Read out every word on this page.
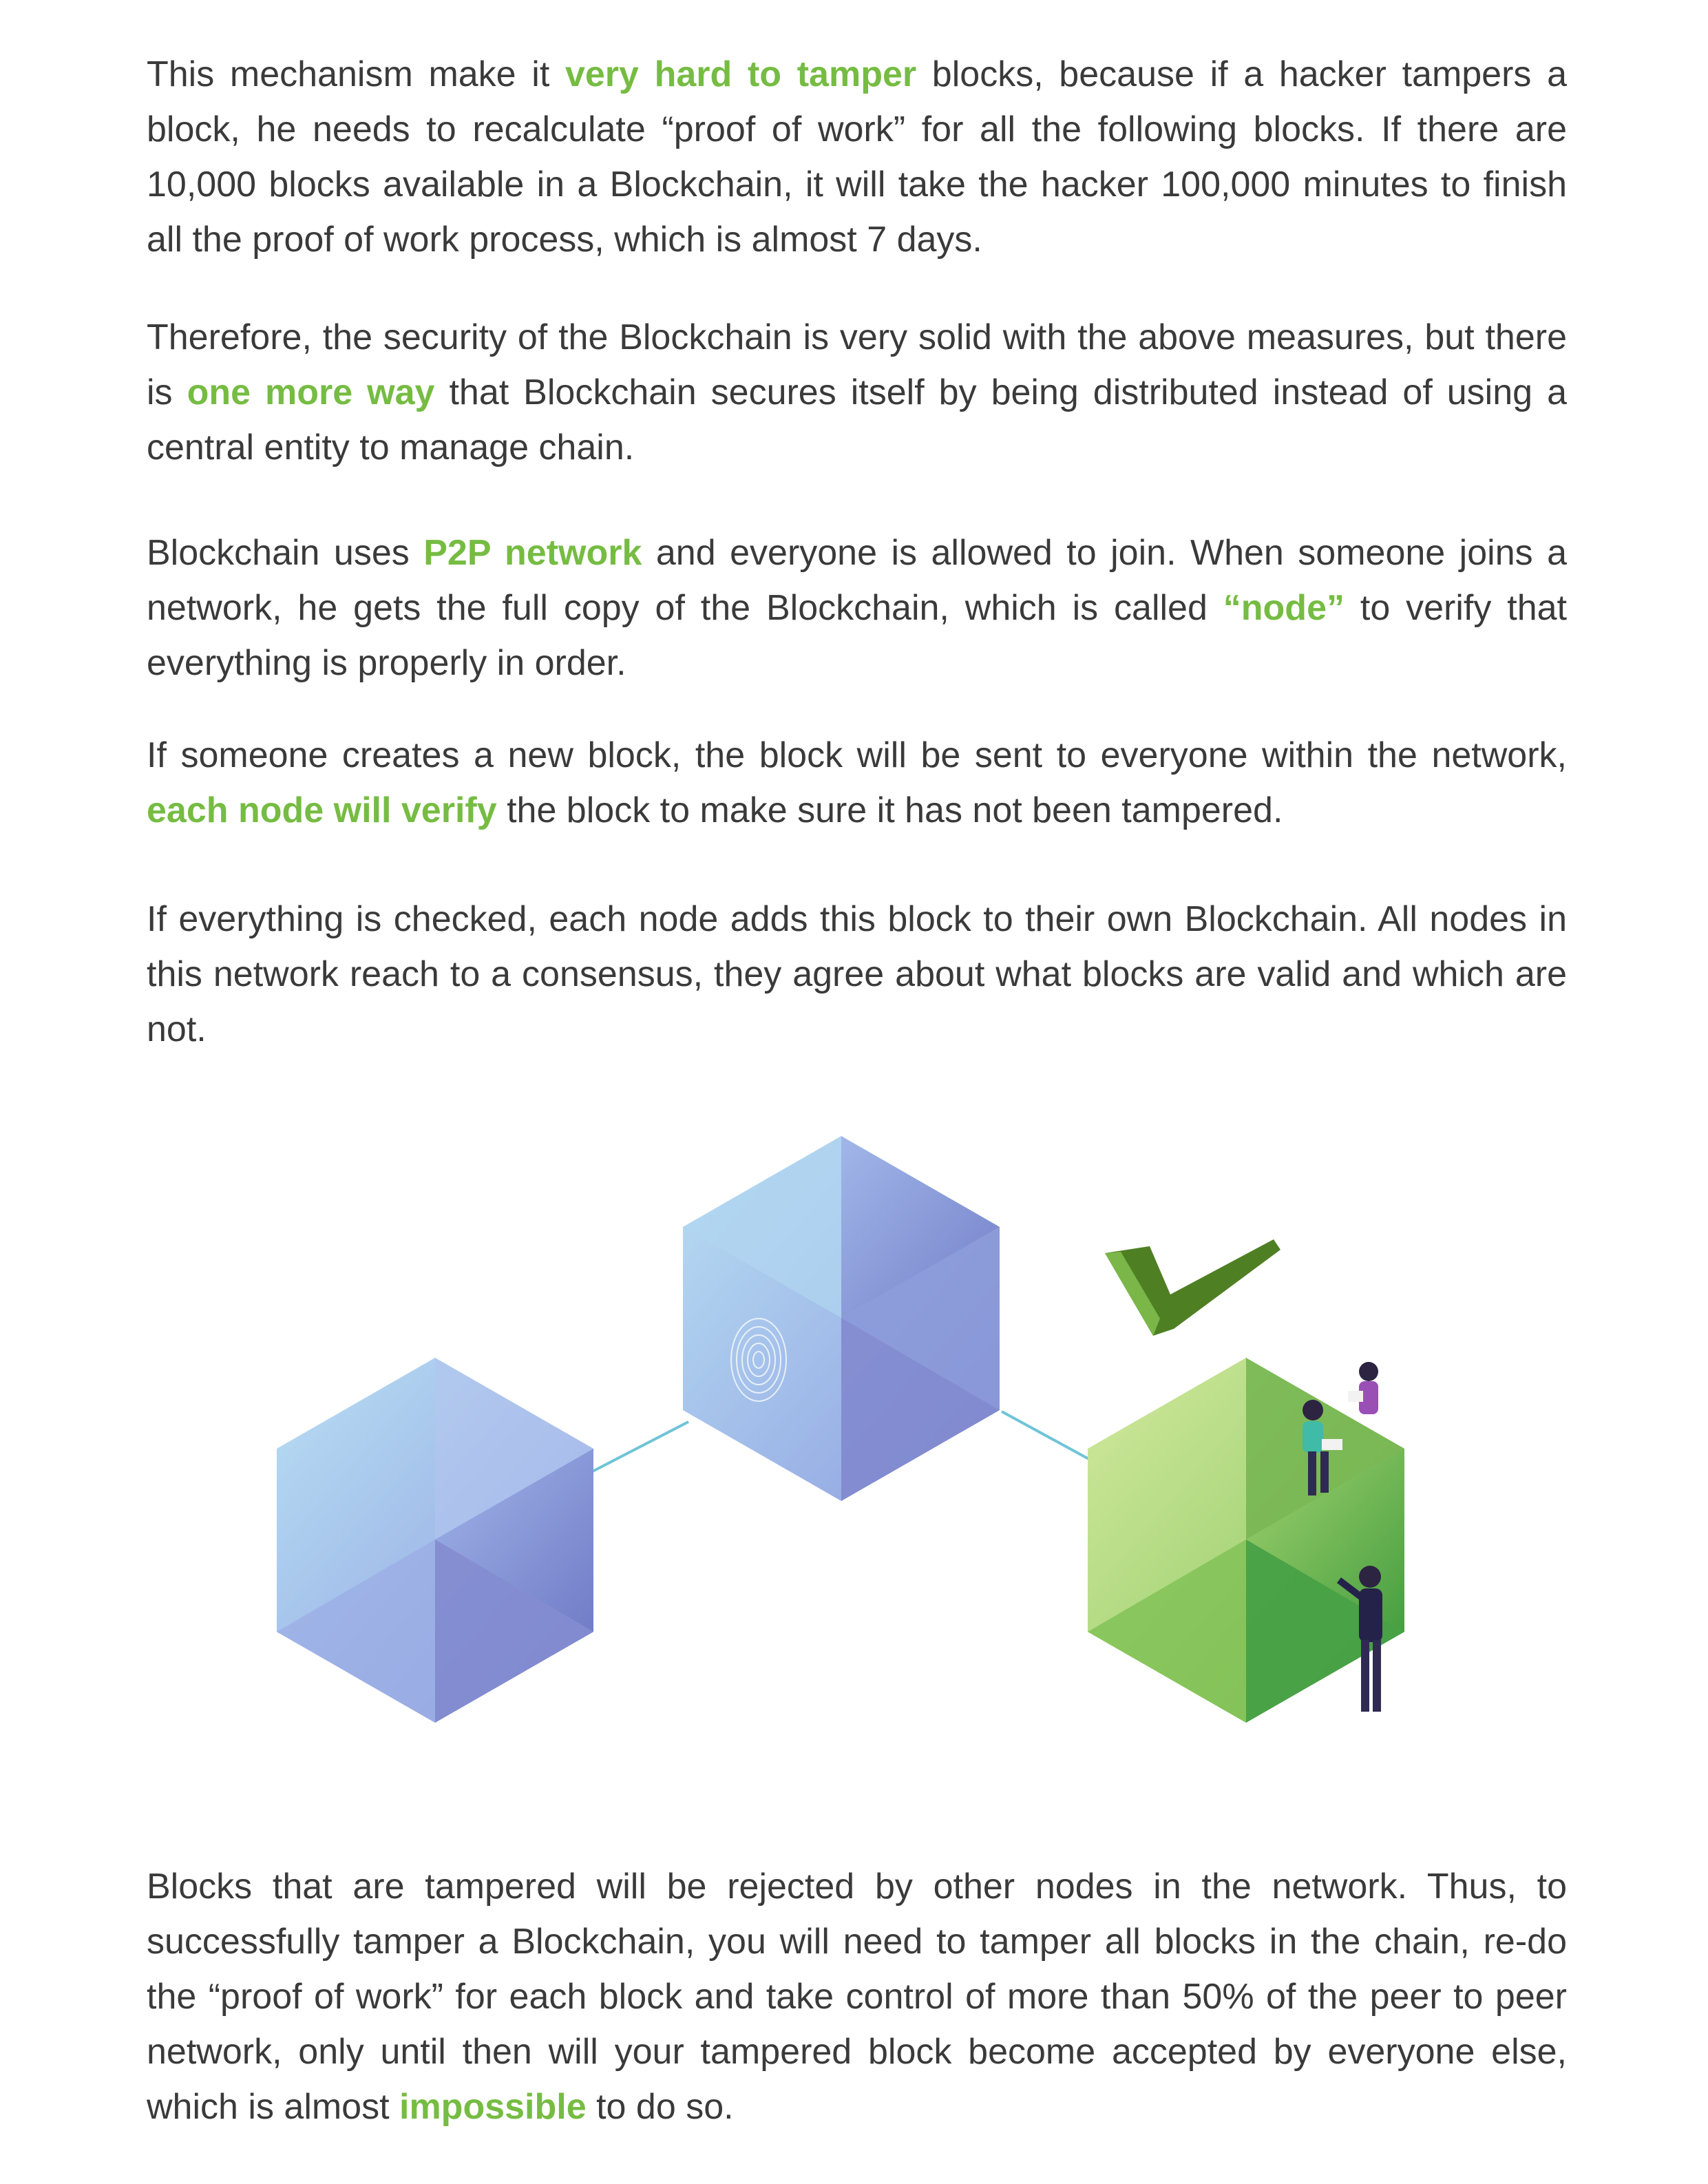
This mechanism make it very hard to tamper blocks, because if a hacker tampers a block, he needs to recalculate “proof of work” for all the following blocks. If there are 10,000 blocks available in a Blockchain, it will take the hacker 100,000 minutes to finish all the proof of work process, which is almost 7 days.

Therefore, the security of the Blockchain is very solid with the above measures, but there is one more way that Blockchain secures itself by being distributed instead of using a central entity to manage chain.

Blockchain uses P2P network and everyone is allowed to join. When someone joins a network, he gets the full copy of the Blockchain, which is called “node” to verify that everything is properly in order.

If someone creates a new block, the block will be sent to everyone within the network, each node will verify the block to make sure it has not been tampered.

If everything is checked, each node adds this block to their own Blockchain. All nodes in this network reach to a consensus, they agree about what blocks are valid and which are not.

Blocks that are tampered will be rejected by other nodes in the network. Thus, to successfully tamper a Blockchain, you will need to tamper all blocks in the chain, re-do the “proof of work” for each block and take control of more than 50% of the peer to peer network, only until then will your tampered block become accepted by everyone else, which is almost impossible to do so.
